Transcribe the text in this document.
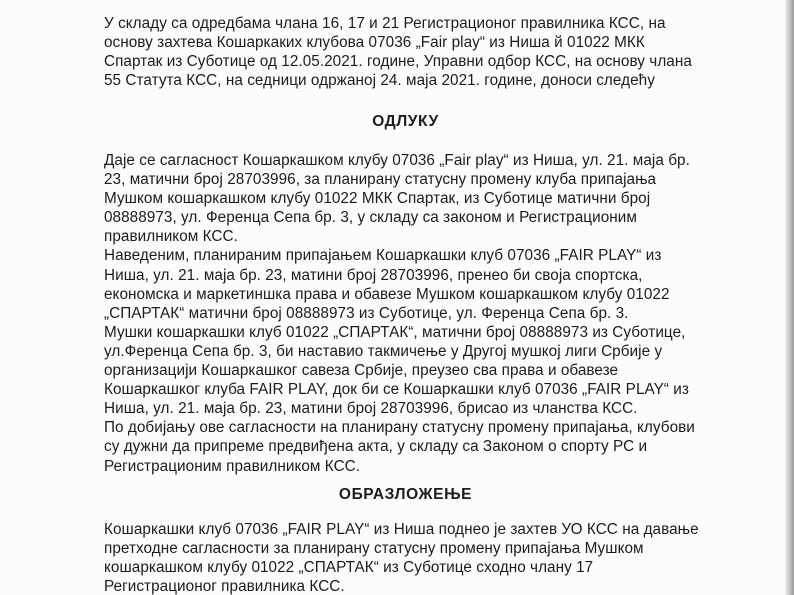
У складу са одредбама члана 16, 17 и 21 Регистрационог правилника КСС, на
основу захтева Кошаркаких клубова 07036 „Fair play“ из Ниша й 01022 МКК
Спартак из Суботице од 12.05.2021. године, Управни одбор КСС, на основу члана
55 Статута КСС, на седници одржаној 24. маја 2021. године, доноси следећу

ОДЛУКУ

Даје се сагласност Кошаркашком клубу 07036 „Fair play“ из Ниша, ул. 21. маја бр.
23, матични број 28703996, за планирану статусну промену клуба припајања
Мушком кошаркашком клубу 01022 МКК Спартак, из Суботице матични број
08888973, ул. Ференца Сепа бр. 3, у складу са законом и Регистрационим
правилником КСС.

Наведеним, планираним припајањем Кошаркашки клуб 07036 „FAIR PLAY“ из
Ниша, ул. 21. маја бр. 23, матини број 28703996, пренео би своја спортска,
економска и маркетиншка права и обавезе Мушком кошаркашком клубу 01022
„СПАРТАК“ матични број 08888973 из Суботице, ул. Ференца Сепа бр. 3.

Мушки кошаркашки клуб 01022 „СПАРТАК“, матични број 08888973 из Суботице,
ул.Ференца Сепа бр. 3, би наставио такмичење у Другој мушкој лиги Србије у
организацији Кошаркашког савеза Србије, преузео сва права и обавезе
Кошаркашког клуба FAIR PLAY, док би се Кошаркашки клуб 07036 „FAIR PLAY“ из
Ниша, ул. 21. маја бр. 23, матини број 28703996, брисао из чланства КСС.

По добијању ове сагласности на планирану статусну промену припајања, клубови
су дужни да припреме предвиђена акта, у складу са Законом о спорту РС и
Регистрационим правилником КСС.

ОБРАЗЛОЖЕЊЕ

Кошаркашки клуб 07036 „FAIR PLAY“ из Ниша поднео је захтев УО КСС на давање
претходне сагласности за планирану статусну промену припајања Мушком
кошаркашком клубу 01022 „СПАРТАК“ из Суботице сходно члану 17
Регистрационог правилника КСС.
